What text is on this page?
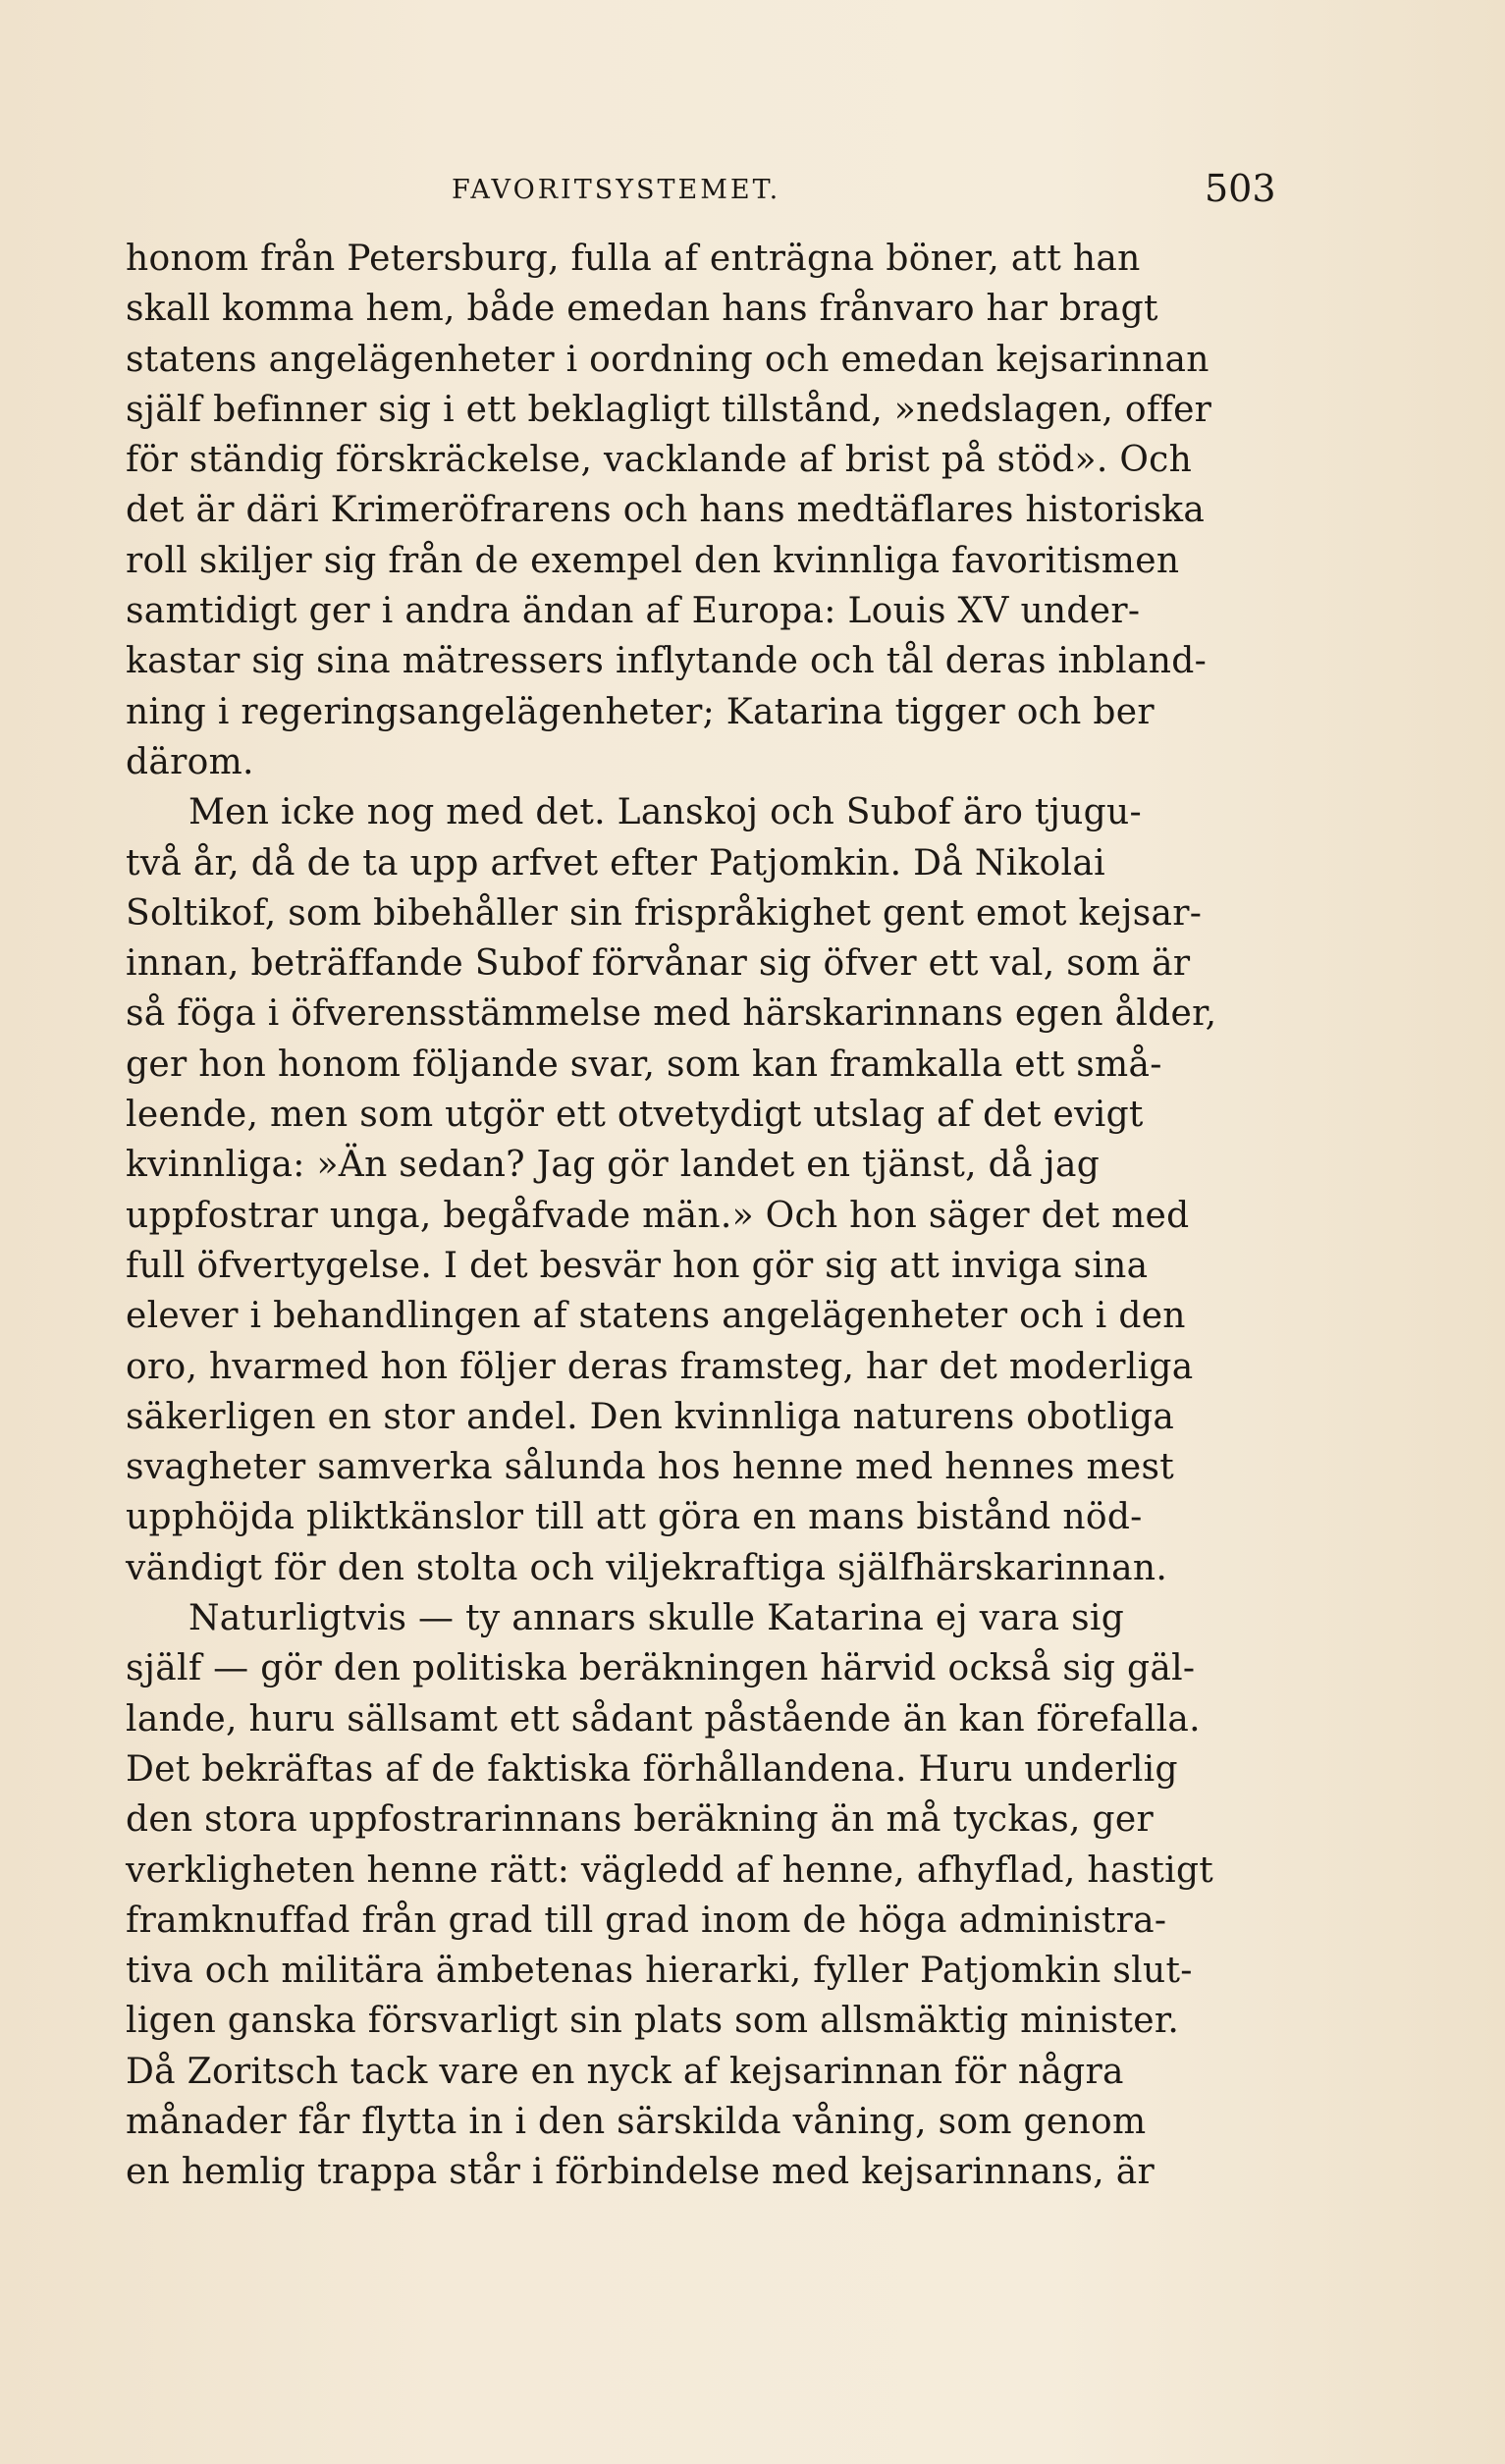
FAVORITSYSTEMET.	503
honom från Petersburg, fulla af enträgna böner, att han
skall komma hem, både emedan hans frånvaro har bragt
statens angelägenheter i oordning och emedan kejsarinnan
själf befinner sig i ett beklagligt tillstånd, »nedslagen, offer
för ständig förskräckelse, vacklande af brist på stöd». Och
det är däri Krimeröfrarens och hans medtäflares historiska
roll skiljer sig från de exempel den kvinnliga favoritismen
samtidigt ger i andra ändan af Europa: Louis XV under-
kastar sig sina mätressers inflytande och tål deras inbland-
ning i regeringsangelägenheter; Katarina tigger och ber
därom.
Men icke nog med det. Lanskoj och Subof äro tjugu-
två år, då de ta upp arfvet efter Patjomkin. Då Nikolai
Soltikof, som bibehåller sin frispråkighet gent emot kejsar-
innan, beträffande Subof förvånar sig öfver ett val, som är
så föga i öfverensstämmelse med härskarinnans egen ålder,
ger hon honom följande svar, som kan framkalla ett små-
leende, men som utgör ett otvetydigt utslag af det evigt
kvinnliga: »Än sedan? Jag gör landet en tjänst, då jag
uppfostrar unga, begåfvade män.» Och hon säger det med
full öfvertygelse. I det besvär hon gör sig att inviga sina
elever i behandlingen af statens angelägenheter och i den
oro, hvarmed hon följer deras framsteg, har det moderliga
säkerligen en stor andel. Den kvinnliga naturens obotliga
svagheter samverka sålunda hos henne med hennes mest
upphöjda pliktkänslor till att göra en mans bistånd nöd-
vändigt för den stolta och viljekraftiga själfhärskarinnan.
Naturligtvis — ty annars skulle Katarina ej vara sig
själf — gör den politiska beräkningen härvid också sig gäl-
lande, huru sällsamt ett sådant påstående än kan förefalla.
Det bekräftas af de faktiska förhållandena. Huru underlig
den stora uppfostrarinnans beräkning än må tyckas, ger
verkligheten henne rätt: vägledd af henne, afhyflad, hastigt
framknuffad från grad till grad inom de höga administra-
tiva och militära ämbetenas hierarki, fyller Patjomkin slut-
ligen ganska försvarligt sin plats som allsmäktig minister.
Då Zoritsch tack vare en nyck af kejsarinnan för några
månader får flytta in i den särskilda våning, som genom
en hemlig trappa står i förbindelse med kejsarinnans, är
